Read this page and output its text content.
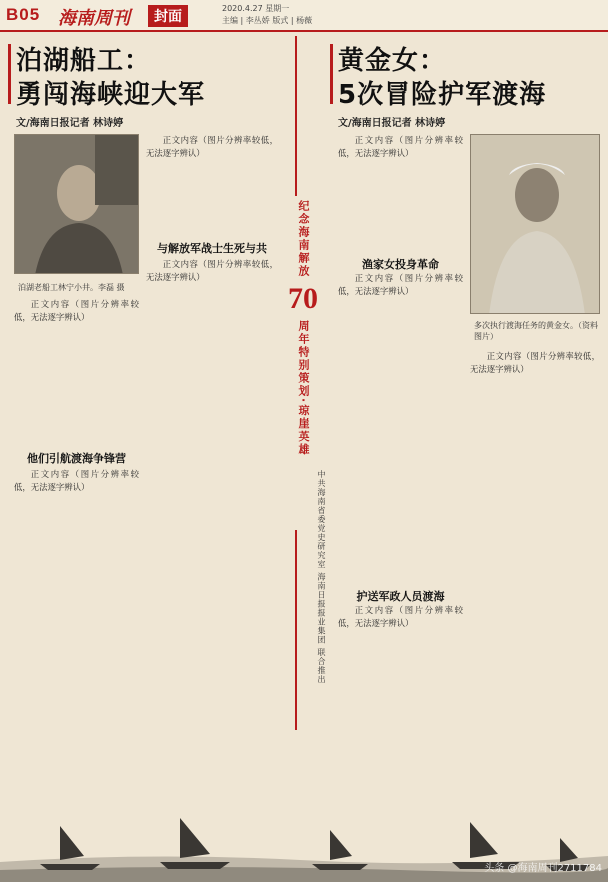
B05 海南周刊	封面
2020.4.27 星期一
主编 | 李丛娇 版式 | 杨薇
泊湖船工：
勇闯海峡迎大军
文/海南日报记者 林诗婷
泊湖老船工林宁小井。李磊 摄

正文内容（图片分辨率较低，无法逐字辨认）

他们引航渡海争锋营

正文内容（图片分辨率较低，无法逐字辨认）

正文内容（图片分辨率较低，无法逐字辨认）

与解放军战士生死与共

正文内容（图片分辨率较低，无法逐字辨认）	纪念海南解放
70
周年特别策划·琼崖英雄
中共海南省委党史研究室 海南日报报业集团 联合推出
黄金女：
5次冒险护军渡海
文/海南日报记者 林诗婷

正文内容（图片分辨率较低，无法逐字辨认）

渔家女投身革命

正文内容（图片分辨率较低，无法逐字辨认）

护送军政人员渡海

正文内容（图片分辨率较低，无法逐字辨认）

多次执行渡海任务的黄金女。（资料图片）

正文内容（图片分辨率较低，无法逐字辨认）

头条 @海南周刊2711784
